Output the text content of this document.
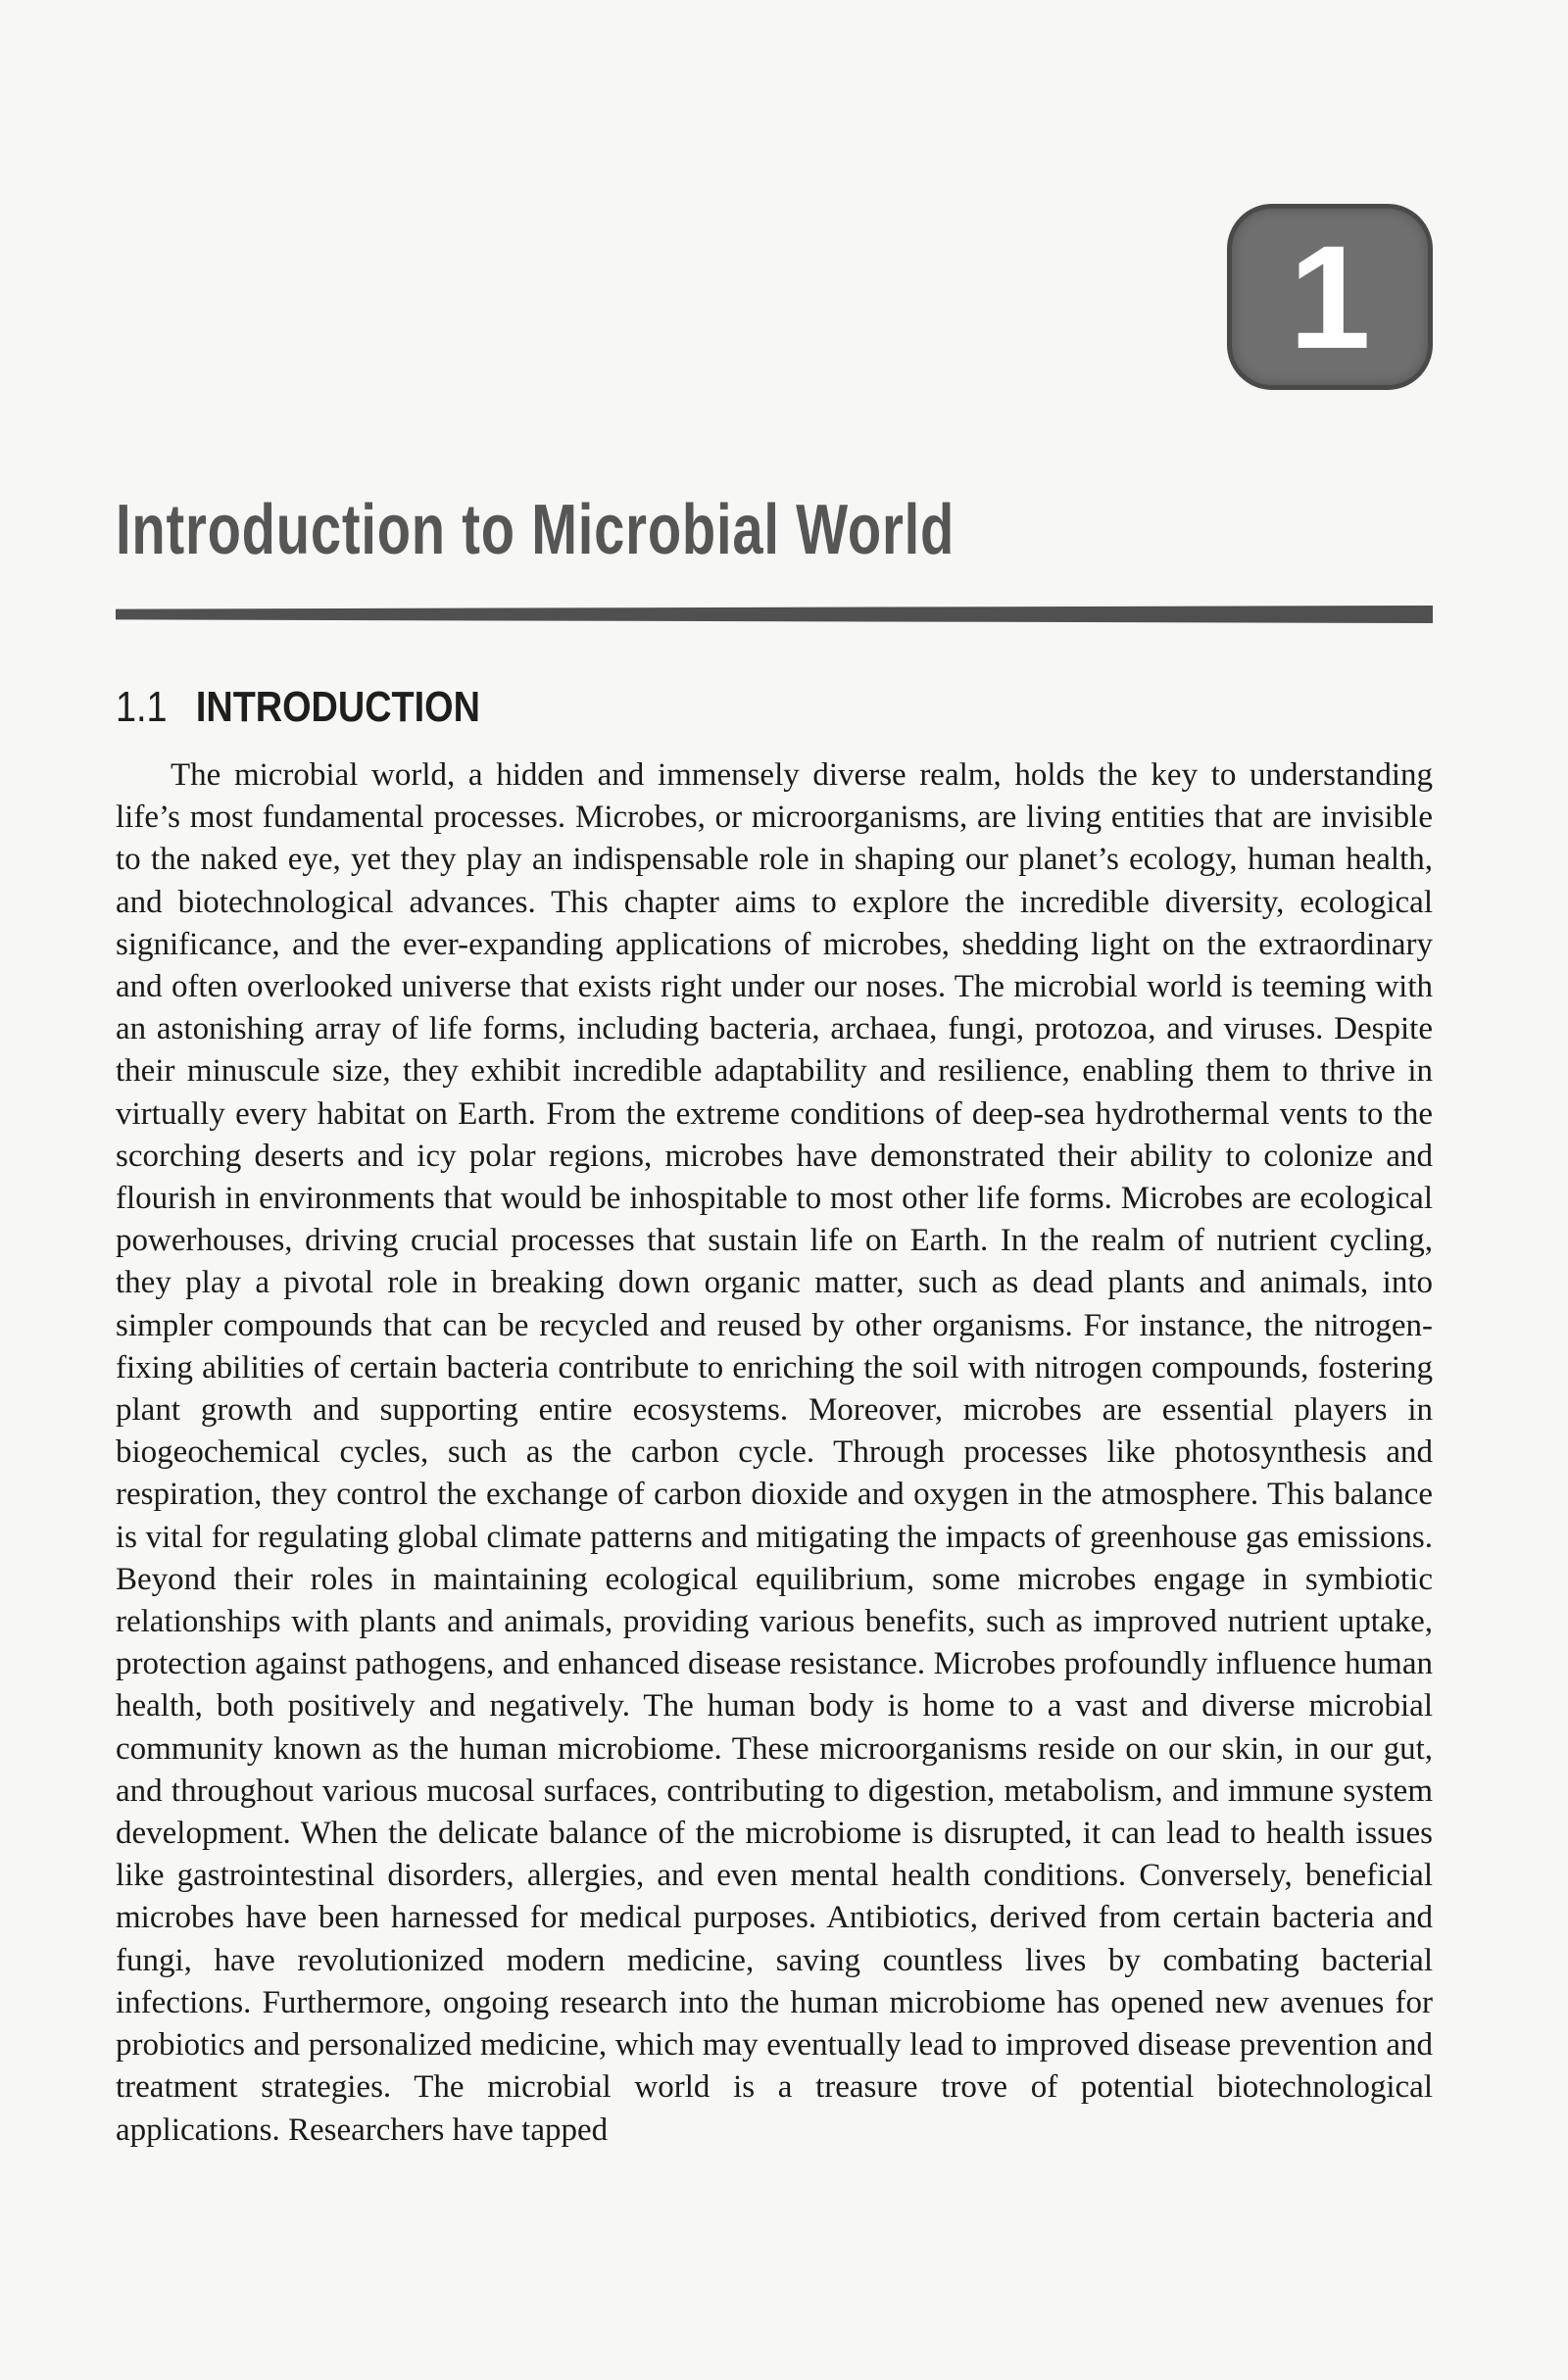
1
Introduction to Microbial World
1.1 INTRODUCTION

The microbial world, a hidden and immensely diverse realm, holds the key to understanding life’s most fundamental processes. Microbes, or microorganisms, are living entities that are invisible to the naked eye, yet they play an indispensable role in shaping our planet’s ecology, human health, and biotechnological advances. This chapter aims to explore the incredible diversity, ecological significance, and the ever-expanding applications of microbes, shedding light on the extraordinary and often overlooked universe that exists right under our noses. The microbial world is teeming with an astonishing array of life forms, including bacteria, archaea, fungi, protozoa, and viruses. Despite their minuscule size, they exhibit incredible adaptability and resilience, enabling them to thrive in virtually every habitat on Earth. From the extreme conditions of deep-sea hydrothermal vents to the scorching deserts and icy polar regions, microbes have demonstrated their ability to colonize and flourish in environments that would be inhospitable to most other life forms. Microbes are ecological powerhouses, driving crucial processes that sustain life on Earth. In the realm of nutrient cycling, they play a pivotal role in breaking down organic matter, such as dead plants and animals, into simpler compounds that can be recycled and reused by other organisms. For instance, the nitrogen-fixing abilities of certain bacteria contribute to enriching the soil with nitrogen compounds, fostering plant growth and supporting entire ecosystems. Moreover, microbes are essential players in biogeochemical cycles, such as the carbon cycle. Through processes like photosynthesis and respiration, they control the exchange of carbon dioxide and oxygen in the atmosphere. This balance is vital for regulating global climate patterns and mitigating the impacts of greenhouse gas emissions. Beyond their roles in maintaining ecological equilibrium, some microbes engage in symbiotic relationships with plants and animals, providing various benefits, such as improved nutrient uptake, protection against pathogens, and enhanced disease resistance. Microbes profoundly influence human health, both positively and negatively. The human body is home to a vast and diverse microbial community known as the human microbiome. These microorganisms reside on our skin, in our gut, and throughout various mucosal surfaces, contributing to digestion, metabolism, and immune system development. When the delicate balance of the microbiome is disrupted, it can lead to health issues like gastrointestinal disorders, allergies, and even mental health conditions. Conversely, beneficial microbes have been harnessed for medical purposes. Antibiotics, derived from certain bacteria and fungi, have revolutionized modern medicine, saving countless lives by combating bacterial infections. Furthermore, ongoing research into the human microbiome has opened new avenues for probiotics and personalized medicine, which may eventually lead to improved disease prevention and treatment strategies. The microbial world is a treasure trove of potential biotechnological applications. Researchers have tapped
